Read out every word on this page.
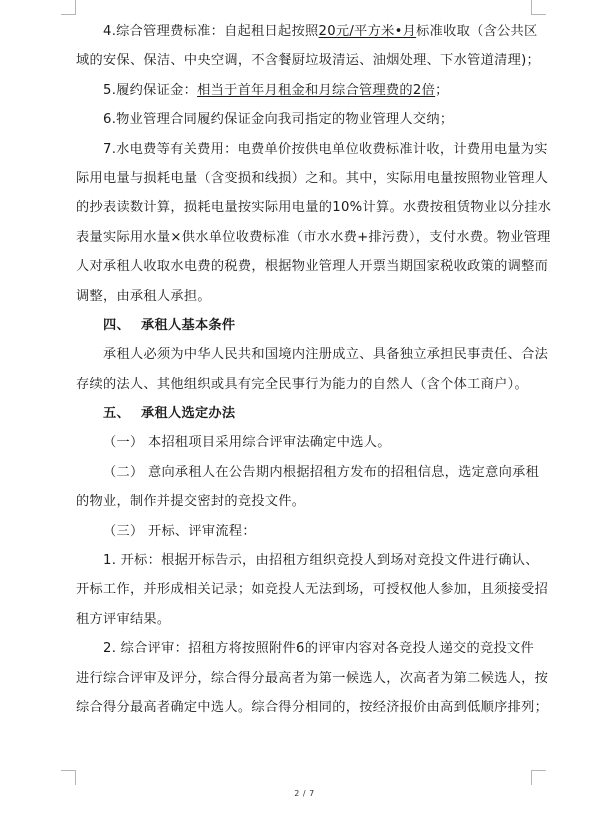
4.综合管理费标准：自起租日起按照20元/平方米•月标准收取（含公共区
域的安保、保洁、中央空调，不含餐厨垃圾清运、油烟处理、下水管道清理)；
5.履约保证金：相当于首年月租金和月综合管理费的2倍；
6.物业管理合同履约保证金向我司指定的物业管理人交纳；
7.水电费等有关费用：电费单价按供电单位收费标准计收，计费用电量为实
际用电量与损耗电量（含变损和线损）之和。其中，实际用电量按照物业管理人
的抄表读数计算，损耗电量按实际用电量的10%计算。水费按租赁物业以分挂水
表量实际用水量×供水单位收费标准（市水水费+排污费），支付水费。物业管理
人对承租人收取水电费的税费，根据物业管理人开票当期国家税收政策的调整而
调整，由承租人承担。
四、 承租人基本条件
承租人必须为中华人民共和国境内注册成立、具备独立承担民事责任、合法
存续的法人、其他组织或具有完全民事行为能力的自然人（含个体工商户）。
五、 承租人选定办法
（一） 本招租项目采用综合评审法确定中选人。
（二） 意向承租人在公告期内根据招租方发布的招租信息，选定意向承租
的物业，制作并提交密封的竞投文件。
（三） 开标、评审流程：
1. 开标：根据开标告示，由招租方组织竞投人到场对竞投文件进行确认、
开标工作，并形成相关记录；如竞投人无法到场，可授权他人参加，且须接受招
租方评审结果。
2. 综合评审：招租方将按照附件6的评审内容对各竞投人递交的竞投文件
进行综合评审及评分，综合得分最高者为第一候选人，次高者为第二候选人，按
综合得分最高者确定中选人。综合得分相同的，按经济报价由高到低顺序排列；
2 / 7
